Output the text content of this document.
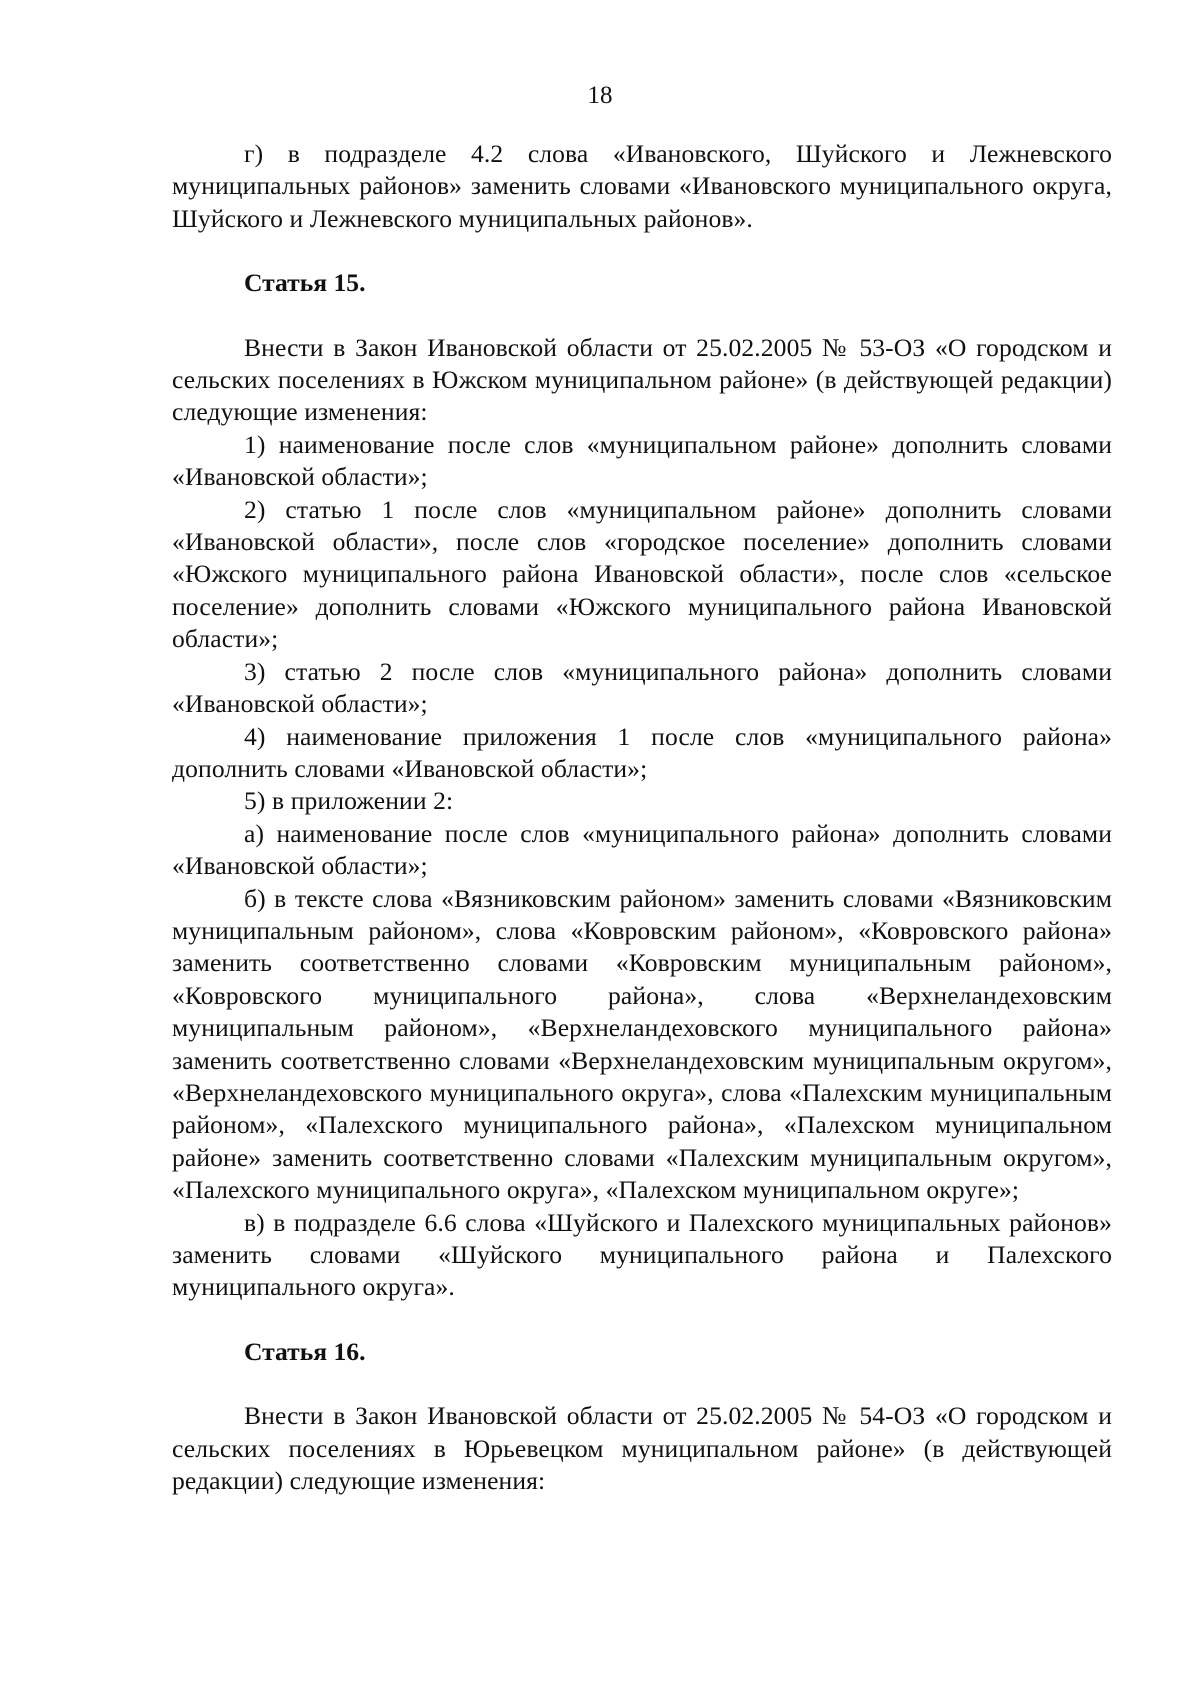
18

г) в подразделе 4.2 слова «Ивановского, Шуйского и Лежневского муниципальных районов» заменить словами «Ивановского муниципального округа, Шуйского и Лежневского муниципальных районов».

Статья 15.

Внести в Закон Ивановской области от 25.02.2005 № 53-ОЗ «О городском и сельских поселениях в Южском муниципальном районе» (в действующей редакции) следующие изменения:

1) наименование после слов «муниципальном районе» дополнить словами «Ивановской области»;

2) статью 1 после слов «муниципальном районе» дополнить словами «Ивановской области», после слов «городское поселение» дополнить словами «Южского муниципального района Ивановской области», после слов «сельское поселение» дополнить словами «Южского муниципального района Ивановской области»;

3) статью 2 после слов «муниципального района» дополнить словами «Ивановской области»;

4) наименование приложения 1 после слов «муниципального района» дополнить словами «Ивановской области»;

5) в приложении 2:

а) наименование после слов «муниципального района» дополнить словами «Ивановской области»;

б) в тексте слова «Вязниковским районом» заменить словами «Вязниковским муниципальным районом», слова «Ковровским районом», «Ковровского района» заменить соответственно словами «Ковровским муниципальным районом», «Ковровского муниципального района», слова «Верхнеландеховским муниципальным районом», «Верхнеландеховского муниципального района» заменить соответственно словами «Верхнеландеховским муниципальным округом», «Верхнеландеховского муниципального округа», слова «Палехским муниципальным районом», «Палехского муниципального района», «Палехском муниципальном районе» заменить соответственно словами «Палехским муниципальным округом», «Палехского муниципального округа», «Палехском муниципальном округе»;

в) в подразделе 6.6 слова «Шуйского и Палехского муниципальных районов» заменить словами «Шуйского муниципального района и Палехского муниципального округа».

Статья 16.

Внести в Закон Ивановской области от 25.02.2005 № 54-ОЗ «О городском и сельских поселениях в Юрьевецком муниципальном районе» (в действующей редакции) следующие изменения:
